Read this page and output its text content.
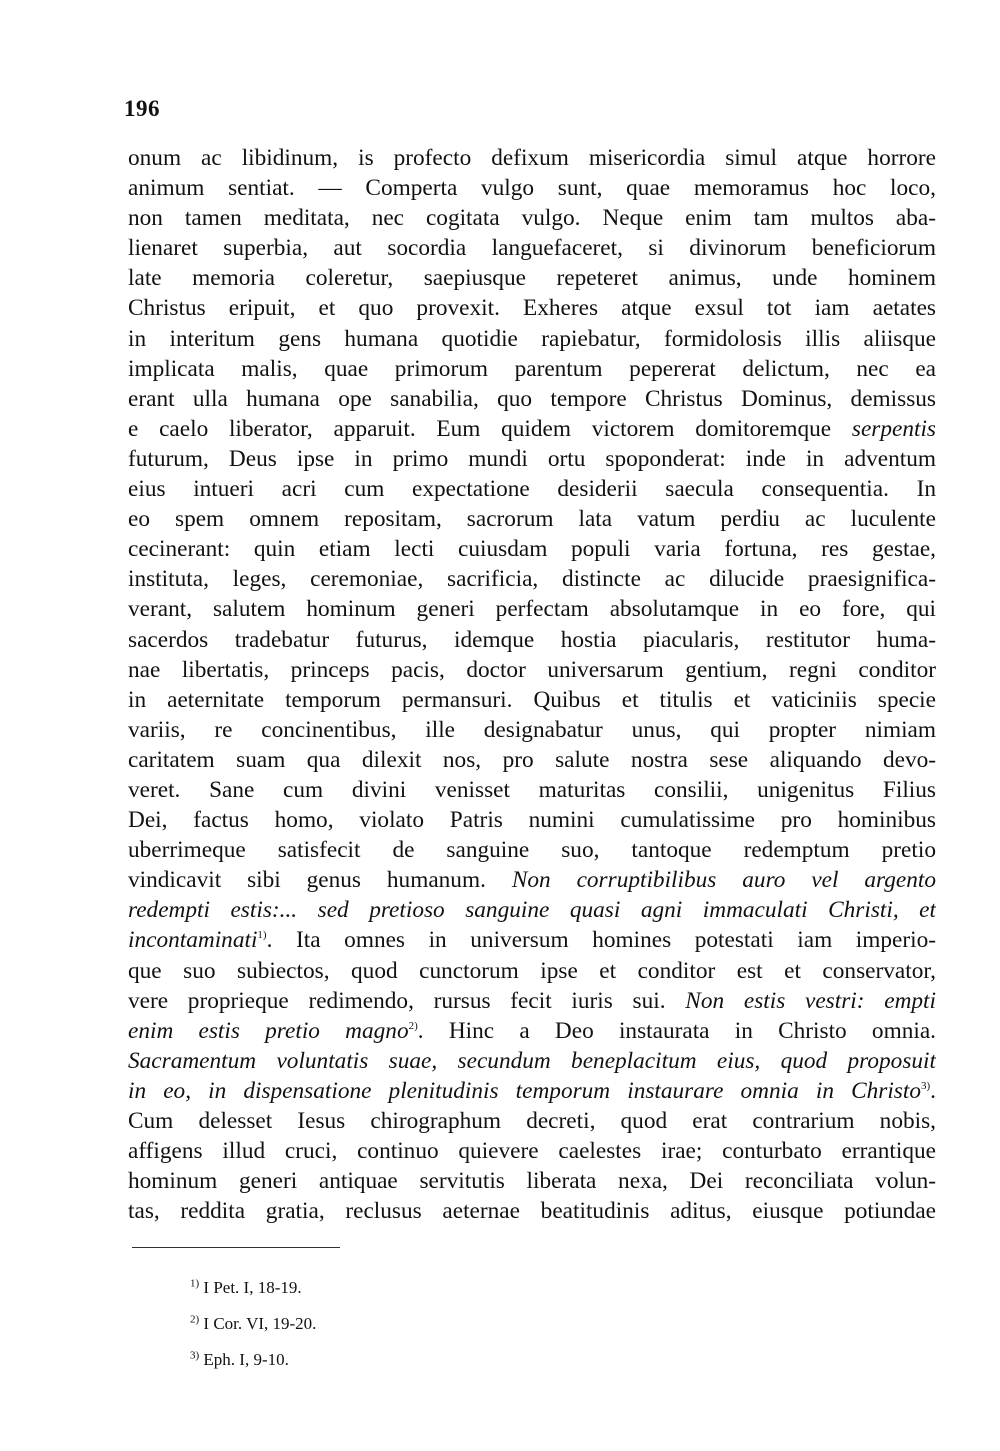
196
onum ac libidinum, is profecto defixum misericordia simul atque horrore
animum sentiat. — Comperta vulgo sunt, quae memoramus hoc loco,
non tamen meditata, nec cogitata vulgo. Neque enim tam multos aba-
lienaret superbia, aut socordia languefaceret, si divinorum beneficiorum
late memoria coleretur, saepiusque repeteret animus, unde hominem
Christus eripuit, et quo provexit. Exheres atque exsul tot iam aetates
in interitum gens humana quotidie rapiebatur, formidolosis illis aliisque
implicata malis, quae primorum parentum pepererat delictum, nec ea
erant ulla humana ope sanabilia, quo tempore Christus Dominus, demissus
e caelo liberator, apparuit. Eum quidem victorem domitoremque serpentis
futurum, Deus ipse in primo mundi ortu spoponderat: inde in adventum
eius intueri acri cum expectatione desiderii saecula consequentia. In
eo spem omnem repositam, sacrorum lata vatum perdiu ac luculente
cecinerant: quin etiam lecti cuiusdam populi varia fortuna, res gestae,
instituta, leges, ceremoniae, sacrificia, distincte ac dilucide praesignifica-
verant, salutem hominum generi perfectam absolutamque in eo fore, qui
sacerdos tradebatur futurus, idemque hostia piacularis, restitutor huma-
nae libertatis, princeps pacis, doctor universarum gentium, regni conditor
in aeternitate temporum permansuri. Quibus et titulis et vaticiniis specie
variis, re concinentibus, ille designabatur unus, qui propter nimiam
caritatem suam qua dilexit nos, pro salute nostra sese aliquando devo-
veret. Sane cum divini venisset maturitas consilii, unigenitus Filius
Dei, factus homo, violato Patris numini cumulatissime pro hominibus
uberrimeque satisfecit de sanguine suo, tantoque redemptum pretio
vindicavit sibi genus humanum. Non corruptibilibus auro vel argento
redempti estis:... sed pretioso sanguine quasi agni immaculati Christi, et
incontaminati$^{1)}$. Ita omnes in universum homines potestati iam imperio-
que suo subiectos, quod cunctorum ipse et conditor est et conservator,
vere proprieque redimendo, rursus fecit iuris sui. Non estis vestri: empti
enim estis pretio magno$^{2)}$. Hinc a Deo instaurata in Christo omnia.
Sacramentum voluntatis suae, secundum beneplacitum eius, quod proposuit
in eo, in dispensatione plenitudinis temporum instaurare omnia in Christo$^{3)}$.
Cum delesset Iesus chirographum decreti, quod erat contrarium nobis,
affigens illud cruci, continuo quievere caelestes irae; conturbato errantique
hominum generi antiquae servitutis liberata nexa, Dei reconciliata volun-
tas, reddita gratia, reclusus aeternae beatitudinis aditus, eiusque potiundae
$^{1)}$ I Pet. I, 18-19.
$^{2)}$ I Cor. VI, 19-20.
$^{3)}$ Eph. I, 9-10.
